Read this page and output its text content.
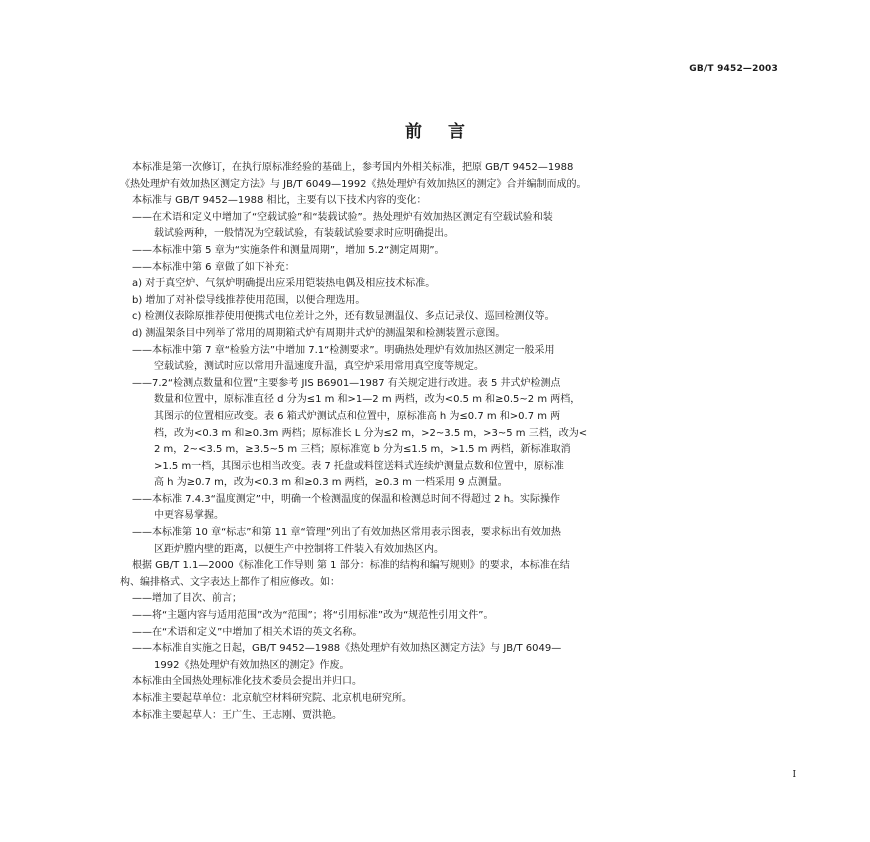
GB/T 9452—2003
前言
本标准是第一次修订，在执行原标准经验的基础上，参考国内外相关标准，把原 GB/T 9452—1988
《热处理炉有效加热区测定方法》与 JB/T 6049—1992《热处理炉有效加热区的测定》合并编制而成的。
本标准与 GB/T 9452—1988 相比，主要有以下技术内容的变化：
——在术语和定义中增加了“空载试验”和“装载试验”。热处理炉有效加热区测定有空载试验和装
载试验两种，一般情况为空载试验，有装载试验要求时应明确提出。
——本标准中第 5 章为“实施条件和测量周期”，增加 5.2“测定周期”。
——本标准中第 6 章做了如下补充：
a) 对于真空炉、气氛炉明确提出应采用铠装热电偶及相应技术标准。
b) 增加了对补偿导线推荐使用范围，以便合理选用。
c) 检测仪表除原推荐使用便携式电位差计之外，还有数显测温仪、多点记录仪、巡回检测仪等。
d) 测温架条目中列举了常用的周期箱式炉有周期井式炉的测温架和检测装置示意图。
——本标准中第 7 章“检验方法”中增加 7.1“检测要求”。明确热处理炉有效加热区测定一般采用
空载试验，测试时应以常用升温速度升温，真空炉采用常用真空度等规定。
——7.2“检测点数量和位置”主要参考 JIS B6901—1987 有关规定进行改进。表 5 井式炉检测点
数量和位置中，原标准直径 d 分为≤1 m 和>1—2 m 两档，改为<0.5 m 和≥0.5~2 m 两档，
其图示的位置相应改变。表 6 箱式炉测试点和位置中，原标准高 h 为≤0.7 m 和>0.7 m 两
档，改为<0.3 m 和≥0.3m 两档；原标准长 L 分为≤2 m，>2~3.5 m，>3~5 m 三档，改为<
2 m，2~<3.5 m，≥3.5~5 m 三档；原标准宽 b 分为≤1.5 m，>1.5 m 两档，新标准取消
>1.5 m一档，其图示也相当改变。表 7 托盘或料筐送料式连续炉测量点数和位置中，原标准
高 h 为≥0.7 m，改为<0.3 m 和≥0.3 m 两档，≥0.3 m 一档采用 9 点测量。
——本标准 7.4.3“温度测定”中，明确一个检测温度的保温和检测总时间不得超过 2 h。实际操作
中更容易掌握。
——本标准第 10 章“标志”和第 11 章“管理”列出了有效加热区常用表示图表，要求标出有效加热
区距炉膛内壁的距离，以便生产中控制将工件装入有效加热区内。
根据 GB/T 1.1—2000《标准化工作导则 第 1 部分：标准的结构和编写规则》的要求，本标准在结
构、编排格式、文字表达上都作了相应修改。如：
——增加了目次、前言；
——将“主题内容与适用范围”改为“范围”；将“引用标准”改为“规范性引用文件”。
——在“术语和定义”中增加了相关术语的英文名称。
——本标准自实施之日起，GB/T 9452—1988《热处理炉有效加热区测定方法》与 JB/T 6049—
1992《热处理炉有效加热区的测定》作废。
本标准由全国热处理标准化技术委员会提出并归口。
本标准主要起草单位：北京航空材料研究院、北京机电研究所。
本标准主要起草人：王广生、王志刚、贾洪艳。
I
